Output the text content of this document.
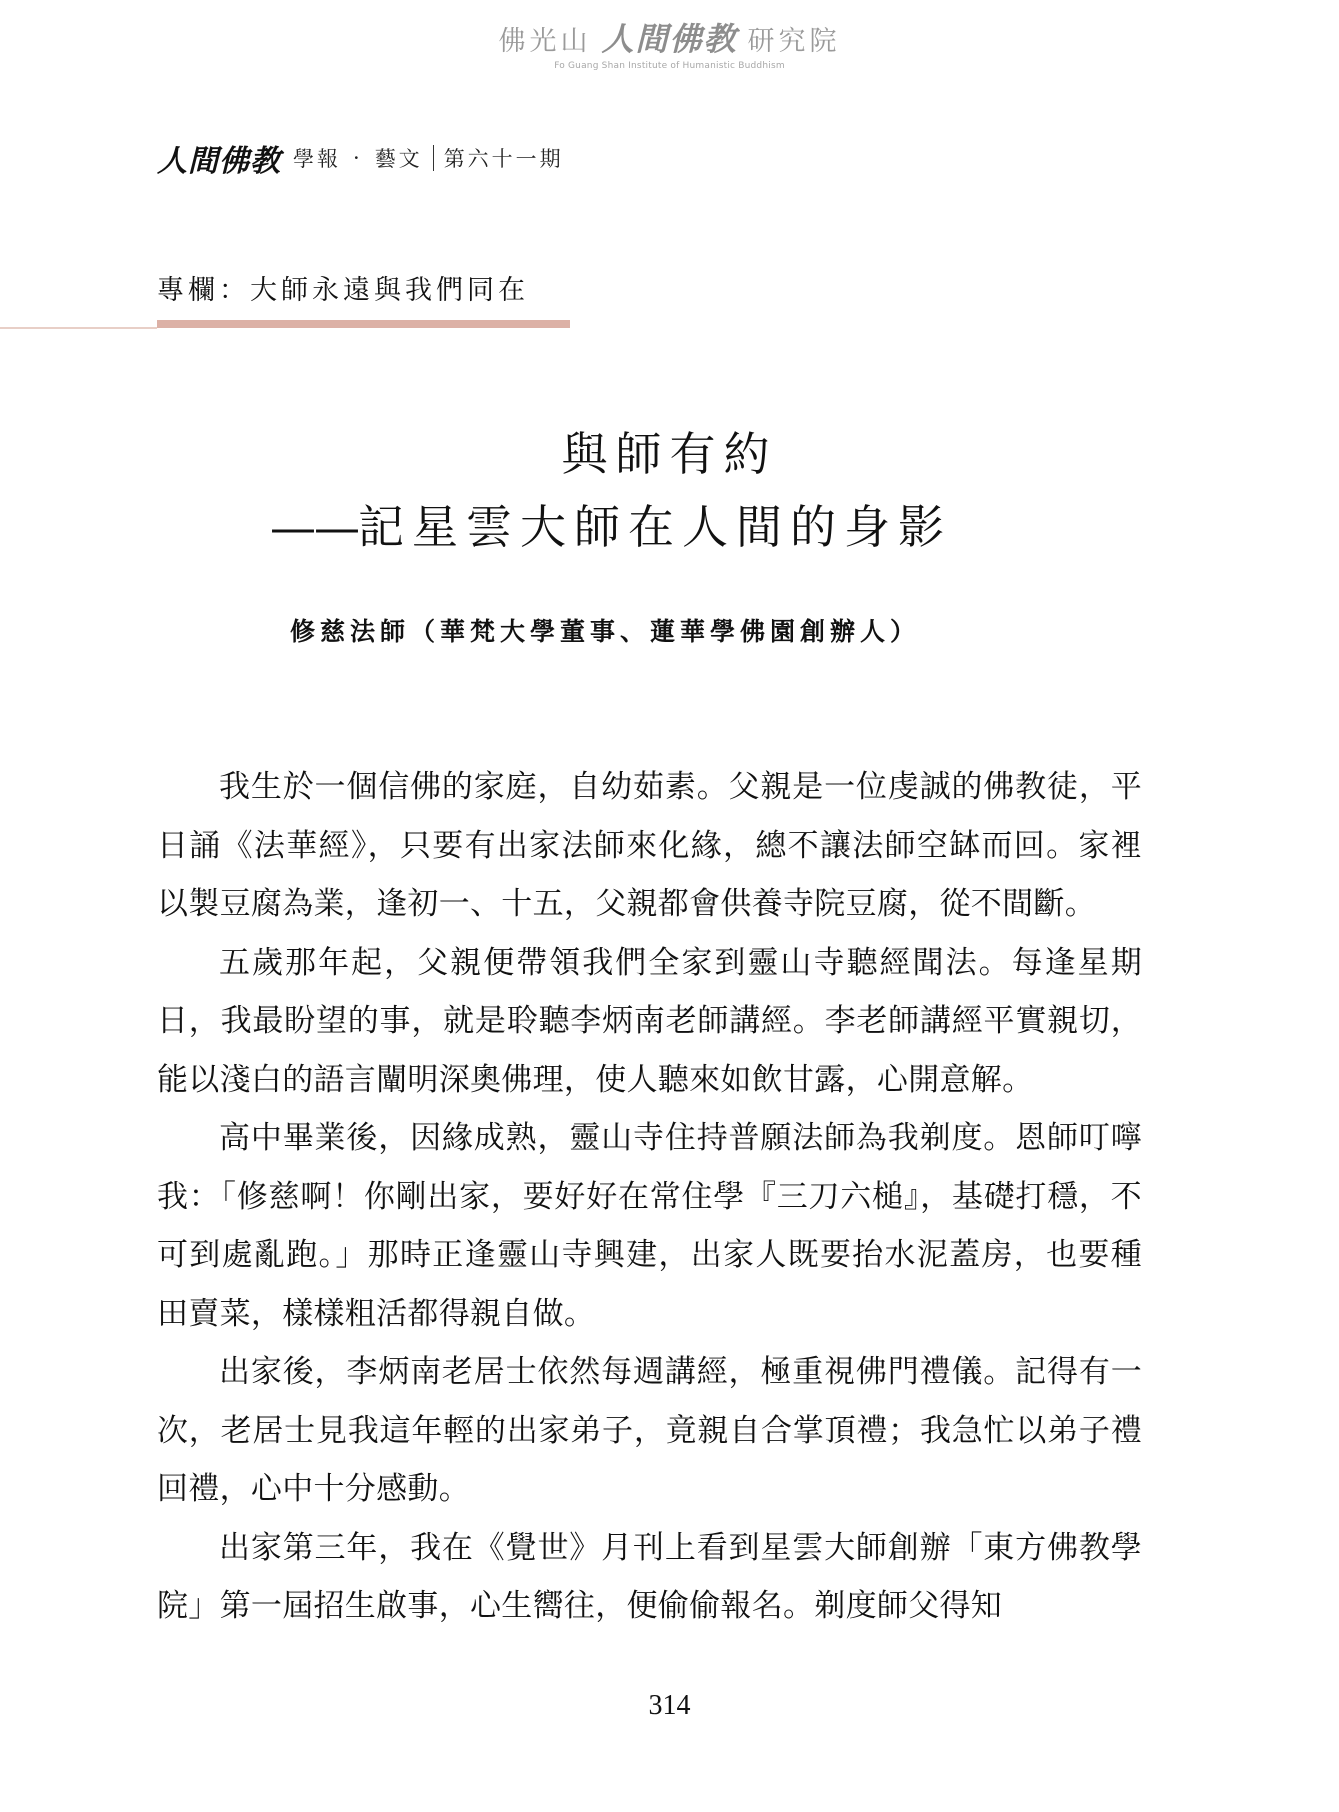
佛光山 人間佛教 研究院
Fo Guang Shan Institute of Humanistic Buddhism
人間佛教 學報 · 藝文 第六十一期
專欄：大師永遠與我們同在
與師有約
——記星雲大師在人間的身影
修慈法師（華梵大學董事、蓮華學佛園創辦人）

我生於一個信佛的家庭，自幼茹素。父親是一位虔誠的佛教徒，平日誦《法華經》，只要有出家法師來化緣，總不讓法師空缽而回。家裡以製豆腐為業，逢初一、十五，父親都會供養寺院豆腐，從不間斷。

五歲那年起，父親便帶領我們全家到靈山寺聽經聞法。每逢星期日，我最盼望的事，就是聆聽李炳南老師講經。李老師講經平實親切，能以淺白的語言闡明深奧佛理，使人聽來如飲甘露，心開意解。

高中畢業後，因緣成熟，靈山寺住持普願法師為我剃度。恩師叮嚀我：「修慈啊！你剛出家，要好好在常住學『三刀六槌』，基礎打穩，不可到處亂跑。」那時正逢靈山寺興建，出家人既要抬水泥蓋房，也要種田賣菜，樣樣粗活都得親自做。

出家後，李炳南老居士依然每週講經，極重視佛門禮儀。記得有一次，老居士見我這年輕的出家弟子，竟親自合掌頂禮；我急忙以弟子禮回禮，心中十分感動。

出家第三年，我在《覺世》月刊上看到星雲大師創辦「東方佛教學院」第一屆招生啟事，心生嚮往，便偷偷報名。剃度師父得知

314
